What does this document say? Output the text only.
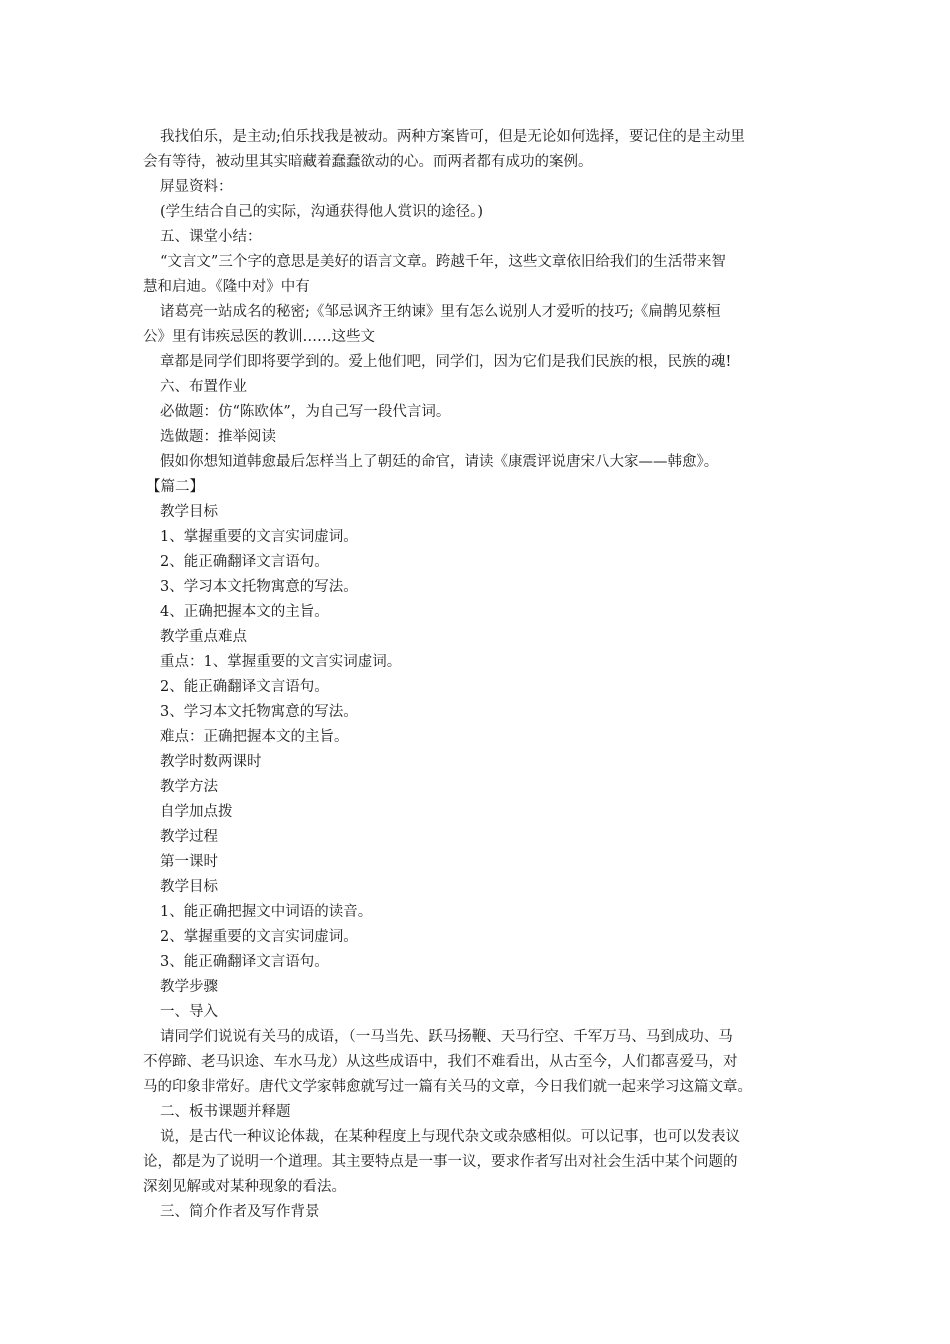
我找伯乐，是主动;伯乐找我是被动。两种方案皆可，但是无论如何选择，要记住的是主动里
会有等待，被动里其实暗藏着蠢蠢欲动的心。而两者都有成功的案例。
屏显资料：
(学生结合自己的实际，沟通获得他人赏识的途径。)
五、课堂小结：
“文言文”三个字的意思是美好的语言文章。跨越千年，这些文章依旧给我们的生活带来智
慧和启迪。《隆中对》中有
诸葛亮一站成名的秘密;《邹忌讽齐王纳谏》里有怎么说别人才爱听的技巧;《扁鹊见蔡桓
公》里有讳疾忌医的教训……这些文
章都是同学们即将要学到的。爱上他们吧，同学们，因为它们是我们民族的根，民族的魂!
六、布置作业
必做题：仿“陈欧体”，为自己写一段代言词。
选做题：推举阅读
假如你想知道韩愈最后怎样当上了朝廷的命官，请读《康震评说唐宋八大家——韩愈》。
【篇二】
教学目标
1、掌握重要的文言实词虚词。
2、能正确翻译文言语句。
3、学习本文托物寓意的写法。
4、正确把握本文的主旨。
教学重点难点
重点：1、掌握重要的文言实词虚词。
2、能正确翻译文言语句。
3、学习本文托物寓意的写法。
难点：正确把握本文的主旨。
教学时数两课时
教学方法
自学加点拨
教学过程
第一课时
教学目标
1、能正确把握文中词语的读音。
2、掌握重要的文言实词虚词。
3、能正确翻译文言语句。
教学步骤
一、导入
请同学们说说有关马的成语，（一马当先、跃马扬鞭、天马行空、千军万马、马到成功、马
不停蹄、老马识途、车水马龙）从这些成语中，我们不难看出，从古至今，人们都喜爱马，对
马的印象非常好。唐代文学家韩愈就写过一篇有关马的文章，今日我们就一起来学习这篇文章。
二、板书课题并释题
说，是古代一种议论体裁，在某种程度上与现代杂文或杂感相似。可以记事，也可以发表议
论，都是为了说明一个道理。其主要特点是一事一议，要求作者写出对社会生活中某个问题的
深刻见解或对某种现象的看法。
三、简介作者及写作背景
